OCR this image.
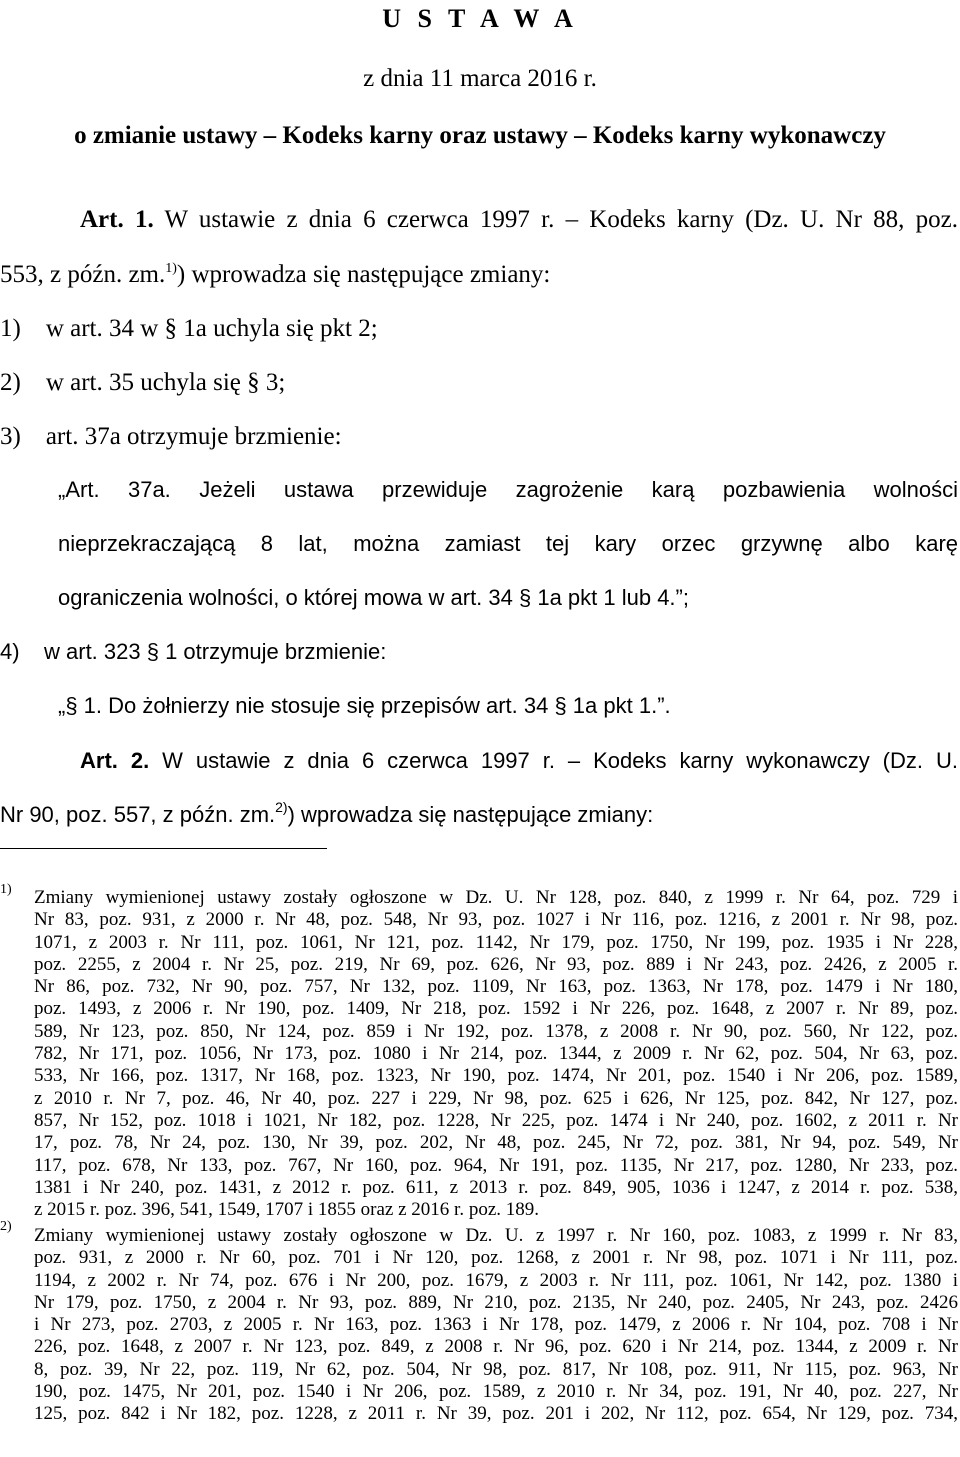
U S T A W A
z dnia 11 marca 2016 r.
o zmianie ustawy – Kodeks karny oraz ustawy – Kodeks karny wykonawczy
Art. 1. W ustawie z dnia 6 czerwca 1997 r. – Kodeks karny (Dz. U. Nr 88, poz.
553, z późn. zm.$^{1)}$) wprowadza się następujące zmiany:
1)    w art. 34 w § 1a uchyla się pkt 2;
2)    w art. 35 uchyla się § 3;
3)    art. 37a otrzymuje brzmienie:
„Art. 37a. Jeżeli ustawa przewiduje zagrożenie karą pozbawienia wolności
nieprzekraczającą 8 lat, można zamiast tej kary orzec grzywnę albo karę
ograniczenia wolności, o której mowa w art. 34 § 1a pkt 1 lub 4.”;
4)    w art. 323 § 1 otrzymuje brzmienie:
„§ 1. Do żołnierzy nie stosuje się przepisów art. 34 § 1a pkt 1.”.
Art. 2. W ustawie z dnia 6 czerwca 1997 r. – Kodeks karny wykonawczy (Dz. U.
Nr 90, poz. 557, z późn. zm.$^{2)}$) wprowadza się następujące zmiany:
1) Zmiany wymienionej ustawy zostały ogłoszone w Dz. U. Nr 128, poz. 840, z 1999 r. Nr 64, poz. 729 i
Nr 83, poz. 931, z 2000 r. Nr 48, poz. 548, Nr 93, poz. 1027 i Nr 116, poz. 1216, z 2001 r. Nr 98, poz.
1071, z 2003 r. Nr 111, poz. 1061, Nr 121, poz. 1142, Nr 179, poz. 1750, Nr 199, poz. 1935 i Nr 228,
poz. 2255, z 2004 r. Nr 25, poz. 219, Nr 69, poz. 626, Nr 93, poz. 889 i Nr 243, poz. 2426, z 2005 r.
Nr 86, poz. 732, Nr 90, poz. 757, Nr 132, poz. 1109, Nr 163, poz. 1363, Nr 178, poz. 1479 i Nr 180,
poz. 1493, z 2006 r. Nr 190, poz. 1409, Nr 218, poz. 1592 i Nr 226, poz. 1648, z 2007 r. Nr 89, poz.
589, Nr 123, poz. 850, Nr 124, poz. 859 i Nr 192, poz. 1378, z 2008 r. Nr 90, poz. 560, Nr 122, poz.
782, Nr 171, poz. 1056, Nr 173, poz. 1080 i Nr 214, poz. 1344, z 2009 r. Nr 62, poz. 504, Nr 63, poz.
533, Nr 166, poz. 1317, Nr 168, poz. 1323, Nr 190, poz. 1474, Nr 201, poz. 1540 i Nr 206, poz. 1589,
z 2010 r. Nr 7, poz. 46, Nr 40, poz. 227 i 229, Nr 98, poz. 625 i 626, Nr 125, poz. 842, Nr 127, poz.
857, Nr 152, poz. 1018 i 1021, Nr 182, poz. 1228, Nr 225, poz. 1474 i Nr 240, poz. 1602, z 2011 r. Nr
17, poz. 78, Nr 24, poz. 130, Nr 39, poz. 202, Nr 48, poz. 245, Nr 72, poz. 381, Nr 94, poz. 549, Nr
117, poz. 678, Nr 133, poz. 767, Nr 160, poz. 964, Nr 191, poz. 1135, Nr 217, poz. 1280, Nr 233, poz.
1381 i Nr 240, poz. 1431, z 2012 r. poz. 611, z 2013 r. poz. 849, 905, 1036 i 1247, z 2014 r. poz. 538,
z 2015 r. poz. 396, 541, 1549, 1707 i 1855 oraz z 2016 r. poz. 189.
2) Zmiany wymienionej ustawy zostały ogłoszone w Dz. U. z 1997 r. Nr 160, poz. 1083, z 1999 r. Nr 83,
poz. 931, z 2000 r. Nr 60, poz. 701 i Nr 120, poz. 1268, z 2001 r. Nr 98, poz. 1071 i Nr 111, poz.
1194, z 2002 r. Nr 74, poz. 676 i Nr 200, poz. 1679, z 2003 r. Nr 111, poz. 1061, Nr 142, poz. 1380 i
Nr 179, poz. 1750, z 2004 r. Nr 93, poz. 889, Nr 210, poz. 2135, Nr 240, poz. 2405, Nr 243, poz. 2426
i Nr 273, poz. 2703, z 2005 r. Nr 163, poz. 1363 i Nr 178, poz. 1479, z 2006 r. Nr 104, poz. 708 i Nr
226, poz. 1648, z 2007 r. Nr 123, poz. 849, z 2008 r. Nr 96, poz. 620 i Nr 214, poz. 1344, z 2009 r. Nr
8, poz. 39, Nr 22, poz. 119, Nr 62, poz. 504, Nr 98, poz. 817, Nr 108, poz. 911, Nr 115, poz. 963, Nr
190, poz. 1475, Nr 201, poz. 1540 i Nr 206, poz. 1589, z 2010 r. Nr 34, poz. 191, Nr 40, poz. 227, Nr
125, poz. 842 i Nr 182, poz. 1228, z 2011 r. Nr 39, poz. 201 i 202, Nr 112, poz. 654, Nr 129, poz. 734,
